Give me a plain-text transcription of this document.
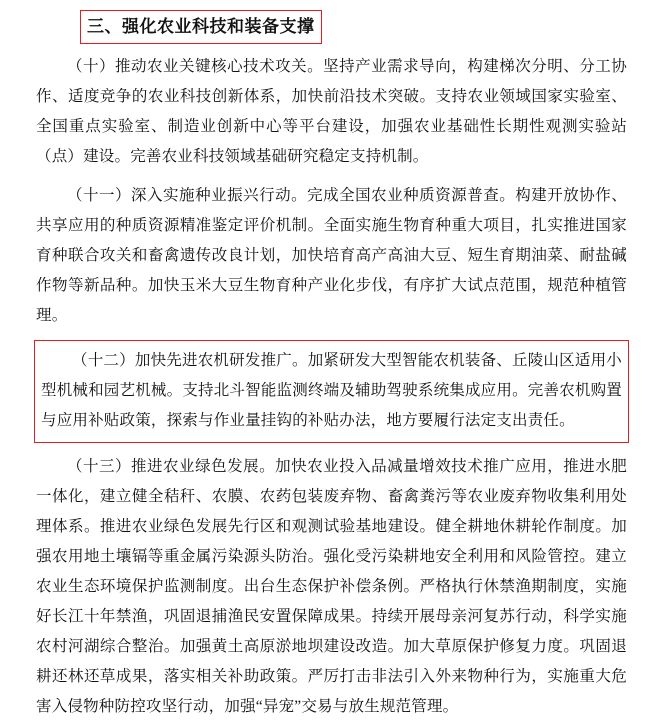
三、强化农业科技和装备支撑

（十）推动农业关键核心技术攻关。坚持产业需求导向，构建梯次分明、分工协作、适度竞争的农业科技创新体系，加快前沿技术突破。支持农业领域国家实验室、全国重点实验室、制造业创新中心等平台建设，加强农业基础性长期性观测实验站（点）建设。完善农业科技领域基础研究稳定支持机制。

（十一）深入实施种业振兴行动。完成全国农业种质资源普查。构建开放协作、共享应用的种质资源精准鉴定评价机制。全面实施生物育种重大项目，扎实推进国家育种联合攻关和畜禽遗传改良计划，加快培育高产高油大豆、短生育期油菜、耐盐碱作物等新品种。加快玉米大豆生物育种产业化步伐，有序扩大试点范围，规范种植管理。

（十二）加快先进农机研发推广。加紧研发大型智能农机装备、丘陵山区适用小型机械和园艺机械。支持北斗智能监测终端及辅助驾驶系统集成应用。完善农机购置与应用补贴政策，探索与作业量挂钩的补贴办法，地方要履行法定支出责任。

（十三）推进农业绿色发展。加快农业投入品减量增效技术推广应用，推进水肥一体化，建立健全秸秆、农膜、农药包装废弃物、畜禽粪污等农业废弃物收集利用处理体系。推进农业绿色发展先行区和观测试验基地建设。健全耕地休耕轮作制度。加强农用地土壤镉等重金属污染源头防治。强化受污染耕地安全利用和风险管控。建立农业生态环境保护监测制度。出台生态保护补偿条例。严格执行休禁渔期制度，实施好长江十年禁渔，巩固退捕渔民安置保障成果。持续开展母亲河复苏行动，科学实施农村河湖综合整治。加强黄土高原淤地坝建设改造。加大草原保护修复力度。巩固退耕还林还草成果，落实相关补助政策。严厉打击非法引入外来物种行为，实施重大危害入侵物种防控攻坚行动，加强“异宠”交易与放生规范管理。
